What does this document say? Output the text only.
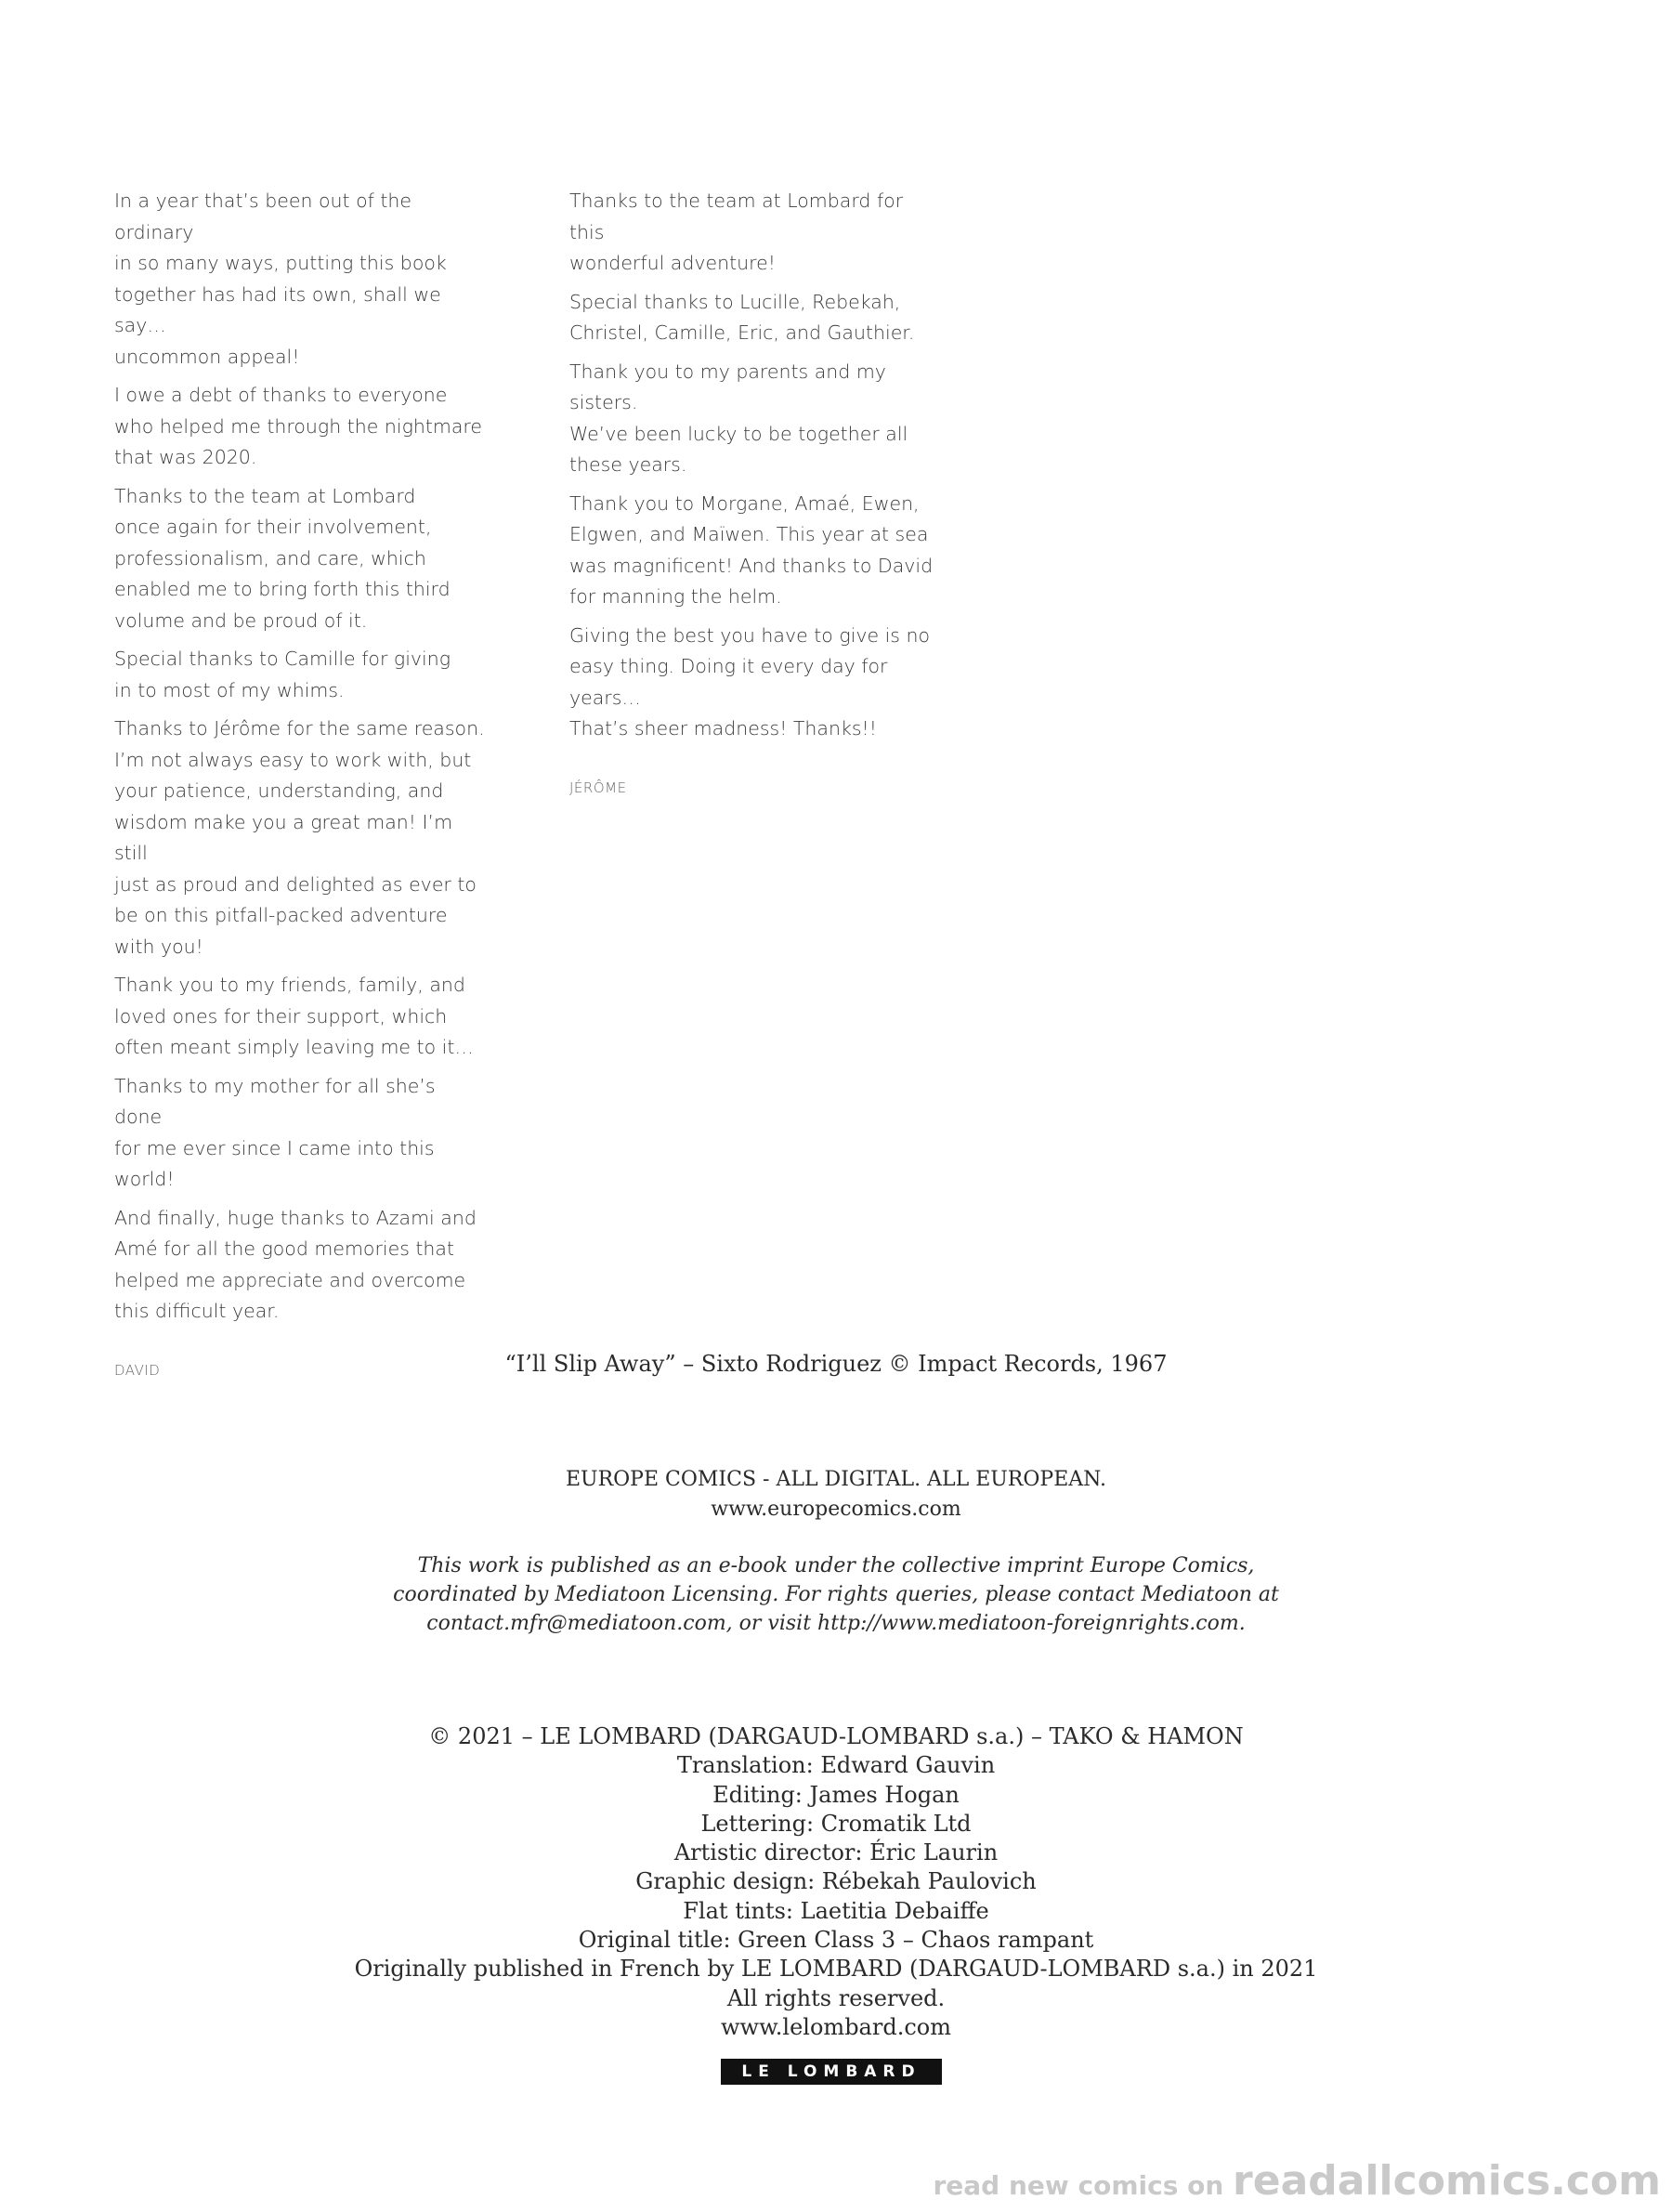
In a year that’s been out of the ordinary
in so many ways, putting this book
together has had its own, shall we say…
uncommon appeal!

I owe a debt of thanks to everyone
who helped me through the nightmare
that was 2020.

Thanks to the team at Lombard
once again for their involvement,
professionalism, and care, which
enabled me to bring forth this third
volume and be proud of it.

Special thanks to Camille for giving
in to most of my whims.

Thanks to Jérôme for the same reason.
I’m not always easy to work with, but
your patience, understanding, and
wisdom make you a great man! I’m still
just as proud and delighted as ever to
be on this pitfall-packed adventure
with you!

Thank you to my friends, family, and
loved ones for their support, which
often meant simply leaving me to it…

Thanks to my mother for all she’s done
for me ever since I came into this world!

And finally, huge thanks to Azami and
Amé for all the good memories that
helped me appreciate and overcome
this difficult year.

DAVID

Thanks to the team at Lombard for this
wonderful adventure!

Special thanks to Lucille, Rebekah,
Christel, Camille, Eric, and Gauthier.

Thank you to my parents and my sisters.
We’ve been lucky to be together all
these years.

Thank you to Morgane, Amaé, Ewen,
Elgwen, and Maïwen. This year at sea
was magnificent! And thanks to David
for manning the helm.

Giving the best you have to give is no
easy thing. Doing it every day for years…
That’s sheer madness! Thanks!!

JÉRÔME
“I’ll Slip Away” – Sixto Rodriguez © Impact Records, 1967
EUROPE COMICS - ALL DIGITAL. ALL EUROPEAN.
www.europecomics.com
This work is published as an e-book under the collective imprint Europe Comics,
coordinated by Mediatoon Licensing. For rights queries, please contact Mediatoon at
contact.mfr@mediatoon.com, or visit http://www.mediatoon-foreignrights.com.
© 2021 – LE LOMBARD (DARGAUD-LOMBARD s.a.) – TAKO & HAMON
Translation: Edward Gauvin
Editing: James Hogan
Lettering: Cromatik Ltd
Artistic director: Éric Laurin
Graphic design: Rébekah Paulovich
Flat tints: Laetitia Debaiffe
Original title: Green Class 3 – Chaos rampant
Originally published in French by LE LOMBARD (DARGAUD-LOMBARD s.a.) in 2021
All rights reserved.
www.lelombard.com
LE LOMBARD
read new comics on readallcomics.com
